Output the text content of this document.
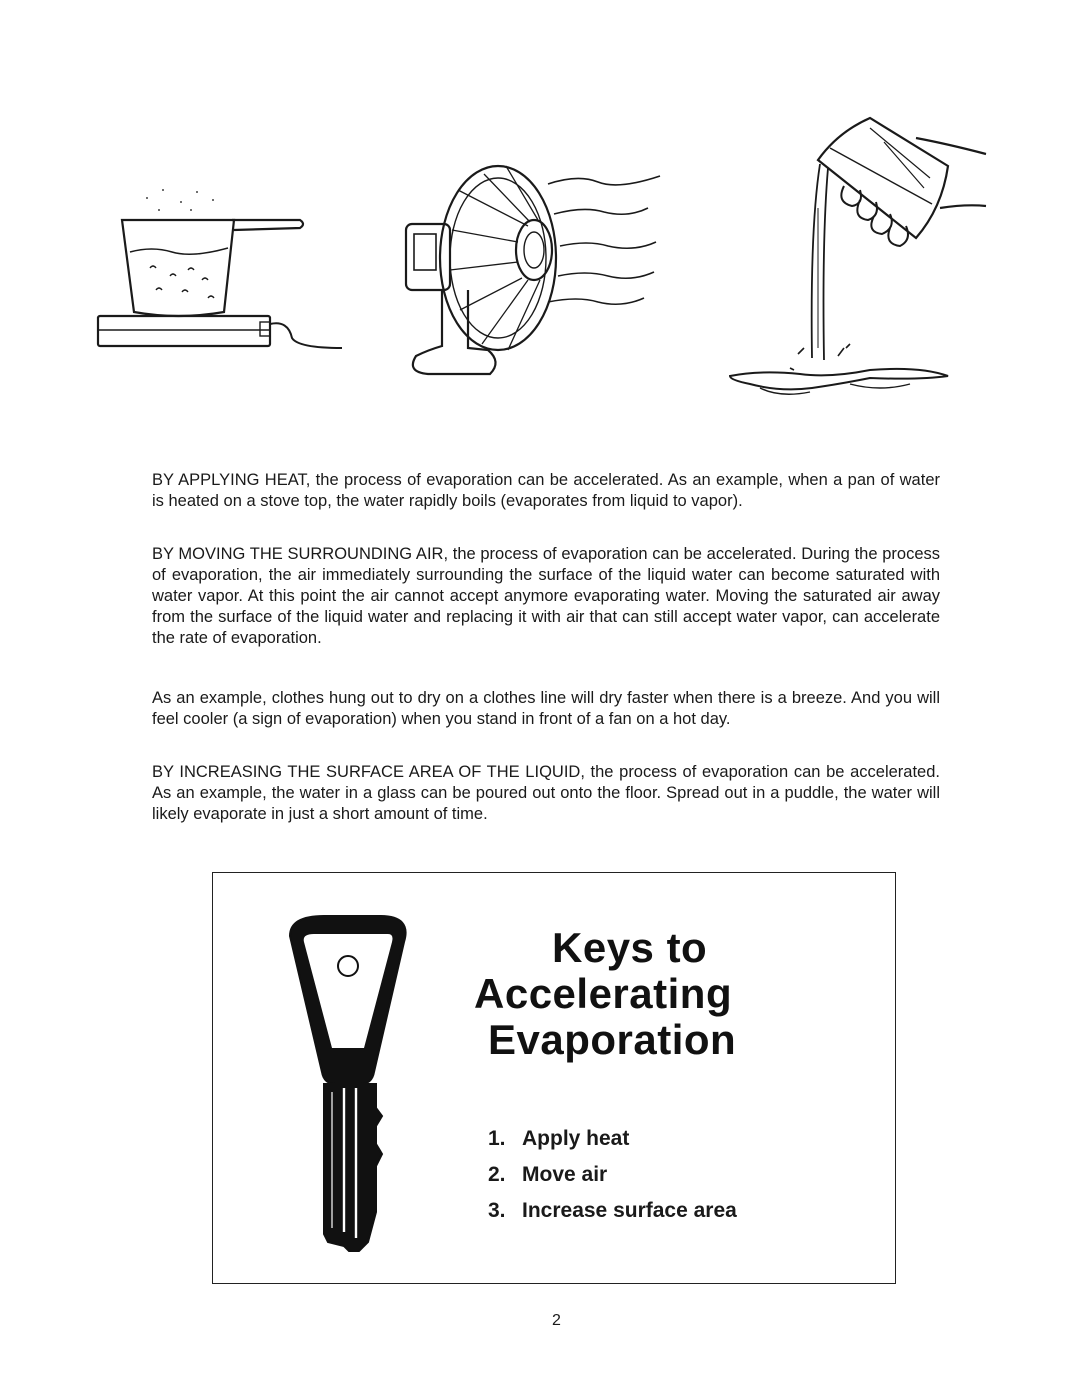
BY APPLYING HEAT, the process of evaporation can be accelerated. As an example, when a pan of water is heated on a stove top, the water rapidly boils (evaporates from liquid to vapor).

BY MOVING THE SURROUNDING AIR, the process of evaporation can be accelerated. During the process of evaporation, the air immediately surrounding the surface of the liquid water can become saturated with water vapor. At this point the air cannot accept anymore evaporating water. Moving the saturated air away from the surface of the liquid water and replacing it with air that can still accept water vapor, can accelerate the rate of evaporation.

As an example, clothes hung out to dry on a clothes line will dry faster when there is a breeze. And you will feel cooler (a sign of evaporation) when you stand in front of a fan on a hot day.

BY INCREASING THE SURFACE AREA OF THE LIQUID, the process of evaporation can be accelerated. As an example, the water in a glass can be poured out onto the floor. Spread out in a puddle, the water will likely evaporate in just a short amount of time.

Keys to
Accelerating
Evaporation
1. Apply heat
2. Move air
3. Increase surface area
2
